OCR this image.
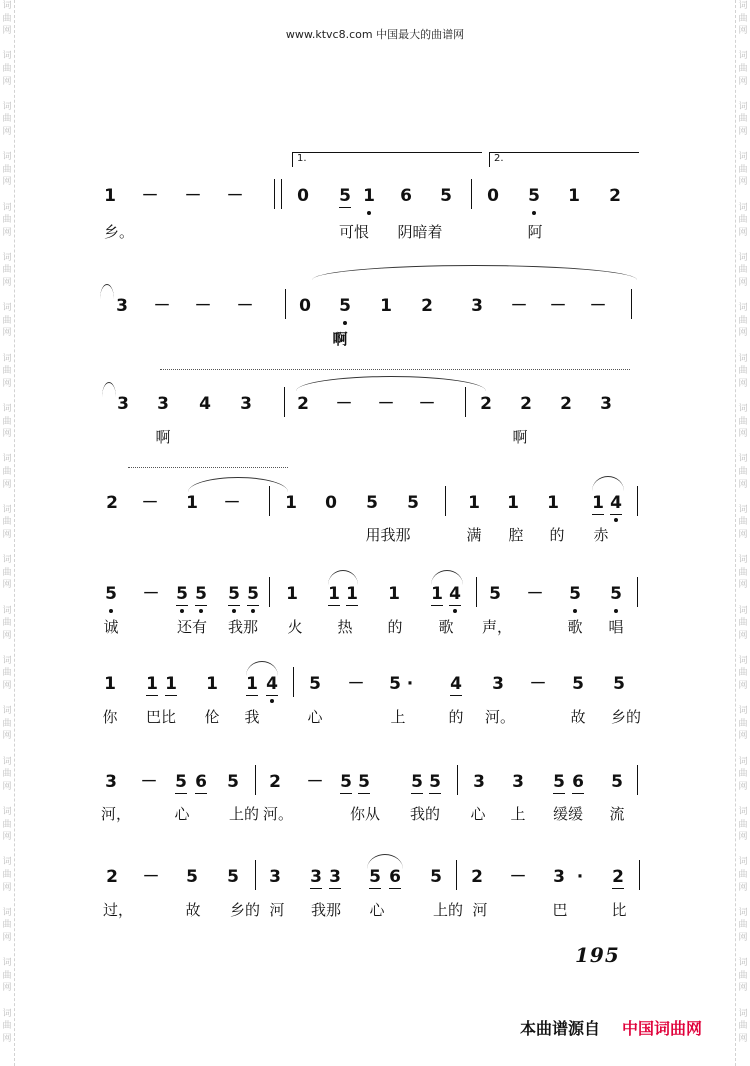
词
曲
网

词
曲
网

词
曲
网

词
曲
网

词
曲
网

词
曲
网

词
曲
网

词
曲
网

词
曲
网

词
曲
网

词
曲
网

词
曲
网

词
曲
网

词
曲
网

词
曲
网

词
曲
网

词
曲
网

词
曲
网

词
曲
网

词
曲
网

词
曲
网
词
曲
网

词
曲
网

词
曲
网

词
曲
网

词
曲
网

词
曲
网

词
曲
网

词
曲
网

词
曲
网

词
曲
网

词
曲
网

词
曲
网

词
曲
网

词
曲
网

词
曲
网

词
曲
网

词
曲
网

词
曲
网

词
曲
网

词
曲
网

词
曲
网
www.ktvc8.com 中国最大的曲谱网
1.	2.
1 － － －	0 5 1 6 5 0 5 1 2
乡。	可恨	阴暗着	阿
3 － － －	0 5 1 2 3 － － －
啊
3 3 4 3	2 － － －	2 2 2 3
啊	啊
2 － 1 －	1 0 5 5	1 1 1 1 4
用我那	满	腔	的	赤
5 － 5 5 5 5 1 1 1 1 1 4 5 － 5 5
诚	还有	我那	火	热	的	歌	声，	歌	唱
1 1 1 1 1 4 5 － 5 ·	4 3 － 5 5
你	巴比	伦	我	心	上	的	河。	故	乡的
3 － 5 6 5 2 － 5 5 5 5 3 3 5 6 5
河，	心	上的 河。	你从	我的	心	上	缓缓	流
2 － 5 5 3 3 3 5 6 5 2 － 3 ·	2
过，	故	乡的 河	我那	心	上的 河	巴	比
195
本曲谱源自 中国词曲网
